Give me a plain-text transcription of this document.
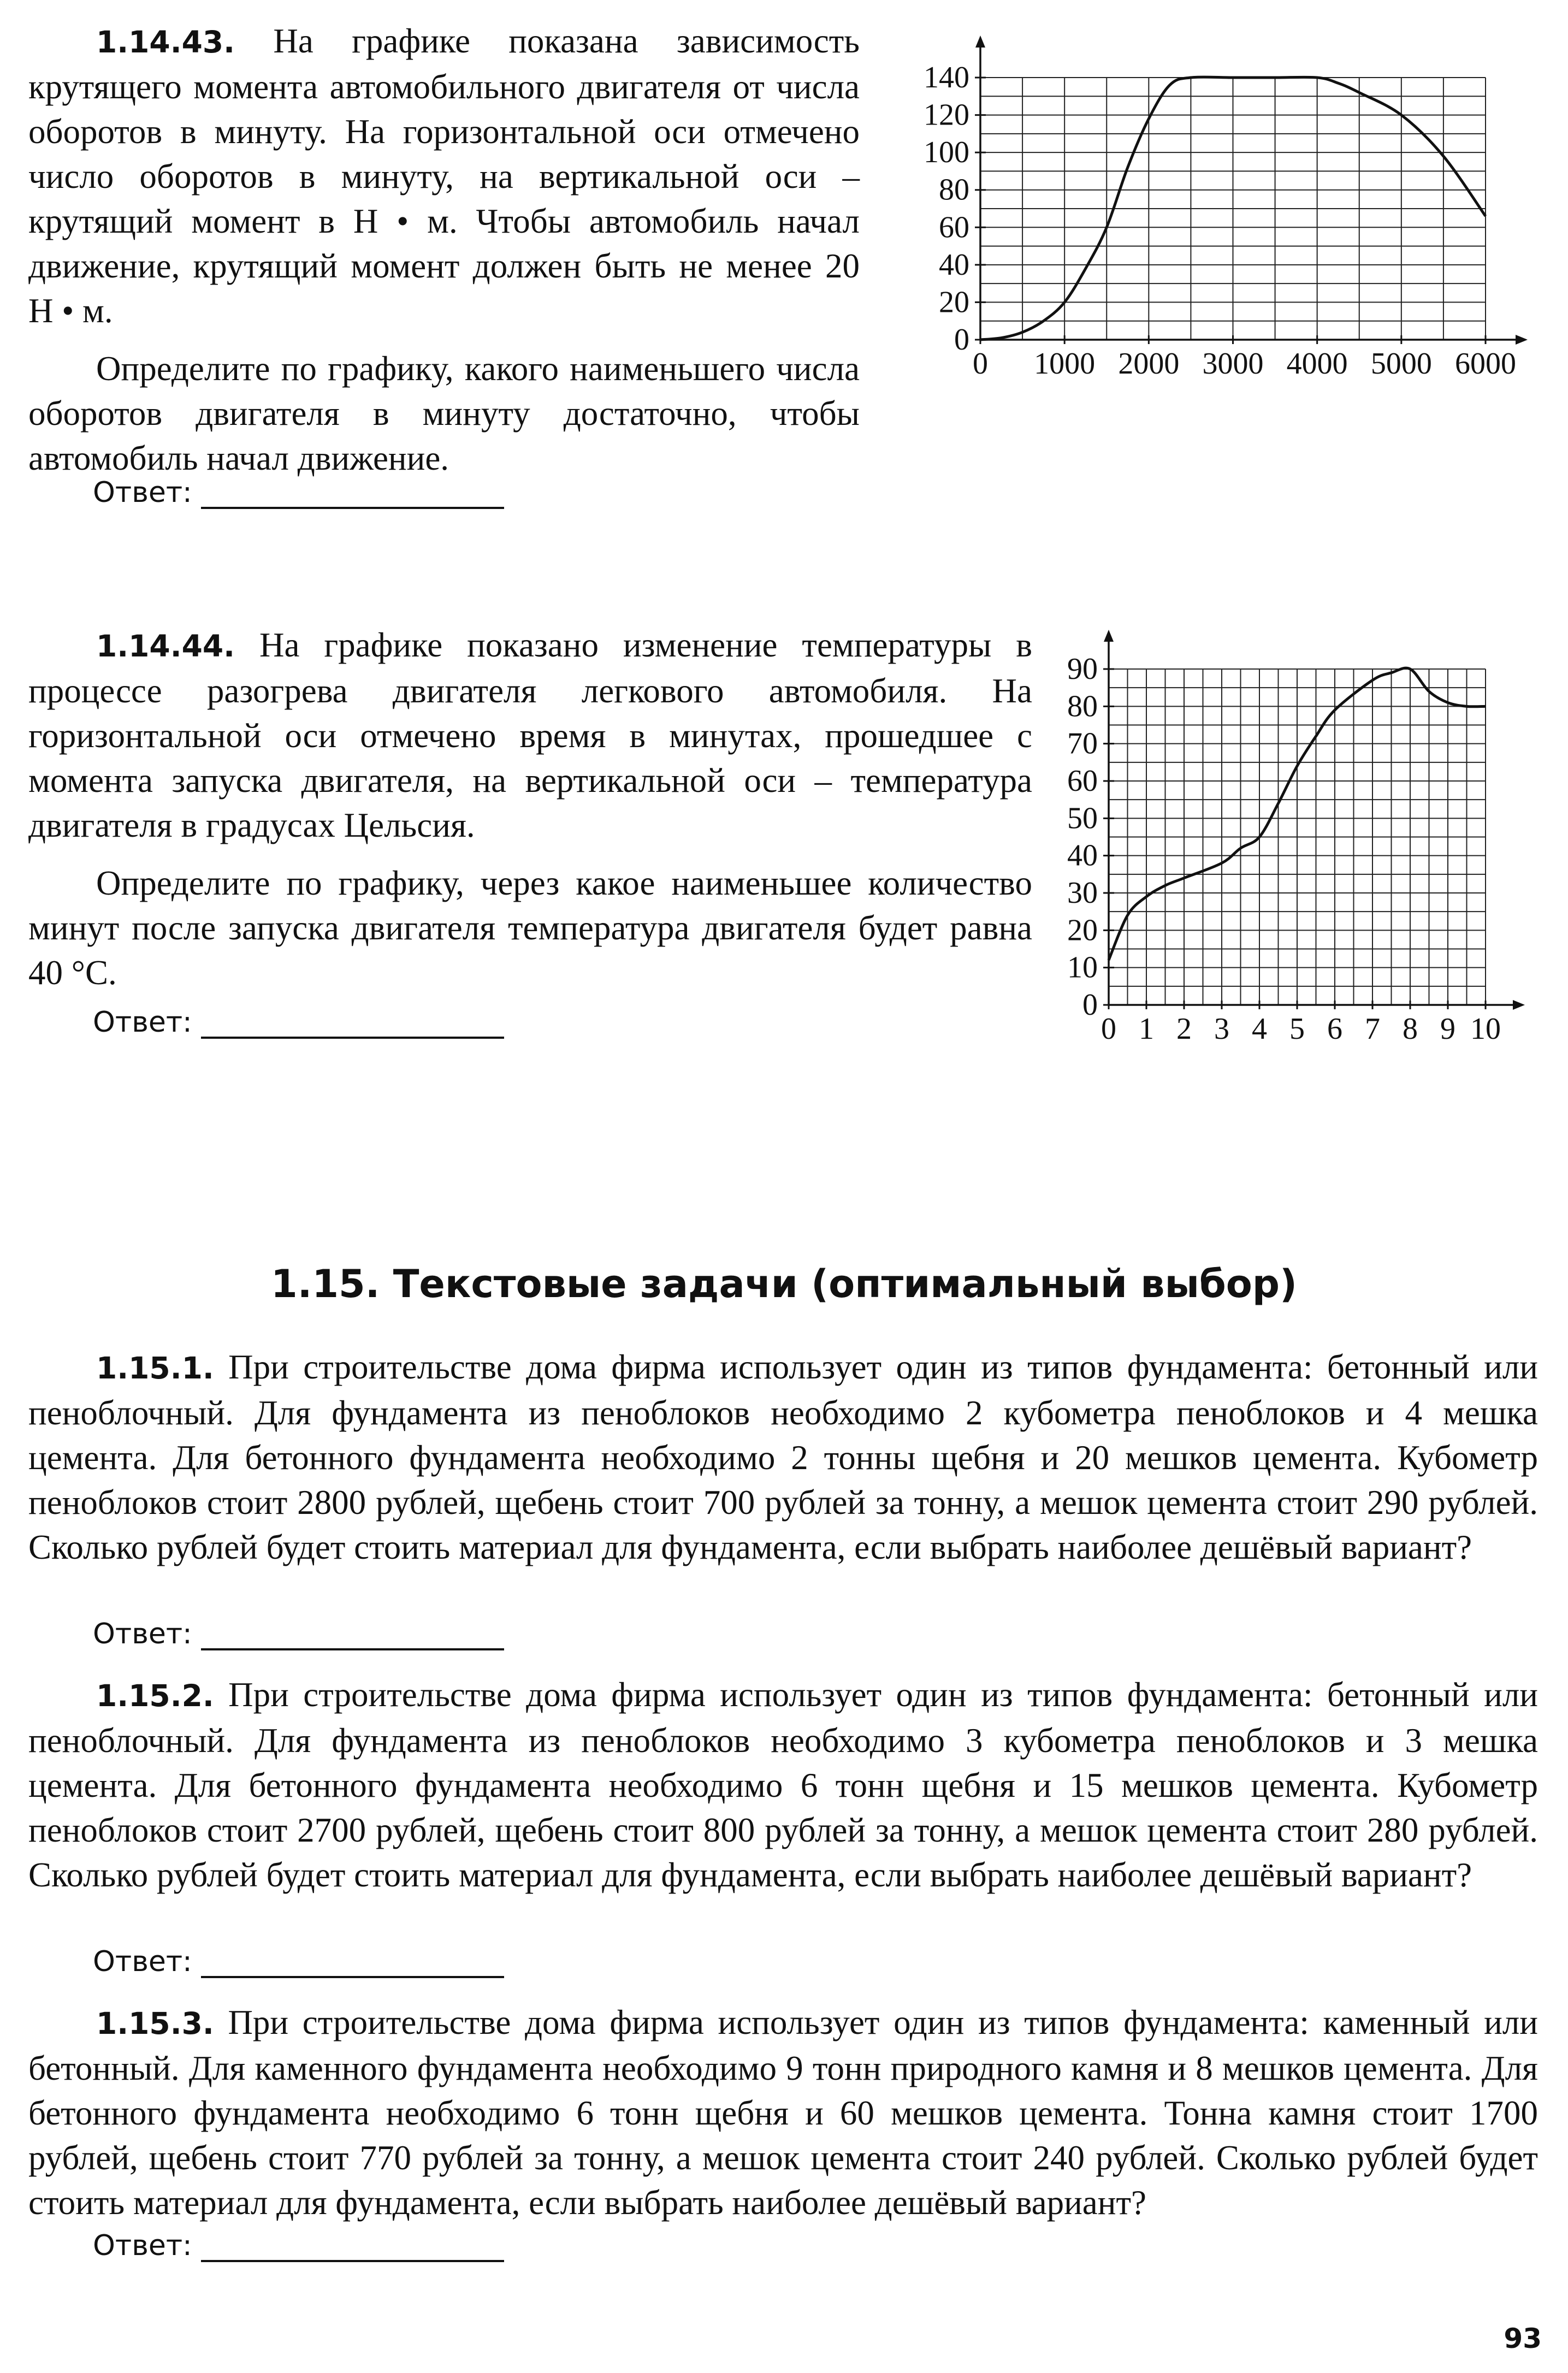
1.14.43. На графике показана зависимость крутящего момента автомобильного двигателя от числа оборотов в минуту. На горизонтальной оси отмечено число оборотов в минуту, на вертикальной оси – крутящий момент в Н • м. Чтобы автомобиль начал движение, крутящий момент должен быть не менее 20 Н • м.

Определите по графику, какого наименьшего числа оборотов двигателя в минуту достаточно, чтобы автомобиль начал движение.

Ответ:
0 1000 2000 3000 4000 5000 6000
0
20
40
60
80
100
120
140

1.14.44. На графике показано изменение температуры в процессе разогрева двигателя легкового автомобиля. На горизонтальной оси отмечено время в минутах, прошедшее с момента запуска двигателя, на вертикальной оси – температура двигателя в градусах Цельсия.

Определите по графику, через какое наименьшее количество минут после запуска двигателя температура двигателя будет равна 40 °C.

Ответ:	0 1 2 3 4 5 6 7 8 9 10
0
10
20
30
40
50
60
70
80
90
1.15. Текстовые задачи (оптимальный выбор)

1.15.1. При строительстве дома фирма использует один из типов фундамента: бетонный или пеноблочный. Для фундамента из пеноблоков необходимо 2 кубометра пеноблоков и 4 мешка цемента. Для бетонного фундамента необходимо 2 тонны щебня и 20 мешков цемента. Кубометр пеноблоков стоит 2800 рублей, щебень стоит 700 рублей за тонну, а мешок цемента стоит 290 рублей. Сколько рублей будет стоить материал для фундамента, если выбрать наиболее дешёвый вариант?

Ответ:

1.15.2. При строительстве дома фирма использует один из типов фундамента: бетонный или пеноблочный. Для фундамента из пеноблоков необходимо 3 кубометра пеноблоков и 3 мешка цемента. Для бетонного фундамента необходимо 6 тонн щебня и 15 мешков цемента. Кубометр пеноблоков стоит 2700 рублей, щебень стоит 800 рублей за тонну, а мешок цемента стоит 280 рублей. Сколько рублей будет стоить материал для фундамента, если выбрать наиболее дешёвый вариант?

Ответ:

1.15.3. При строительстве дома фирма использует один из типов фундамента: каменный или бетонный. Для каменного фундамента необходимо 9 тонн природного камня и 8 мешков цемента. Для бетонного фундамента необходимо 6 тонн щебня и 60 мешков цемента. Тонна камня стоит 1700 рублей, щебень стоит 770 рублей за тонну, а мешок цемента стоит 240 рублей. Сколько рублей будет стоить материал для фундамента, если выбрать наиболее дешёвый вариант?

Ответ:
93
